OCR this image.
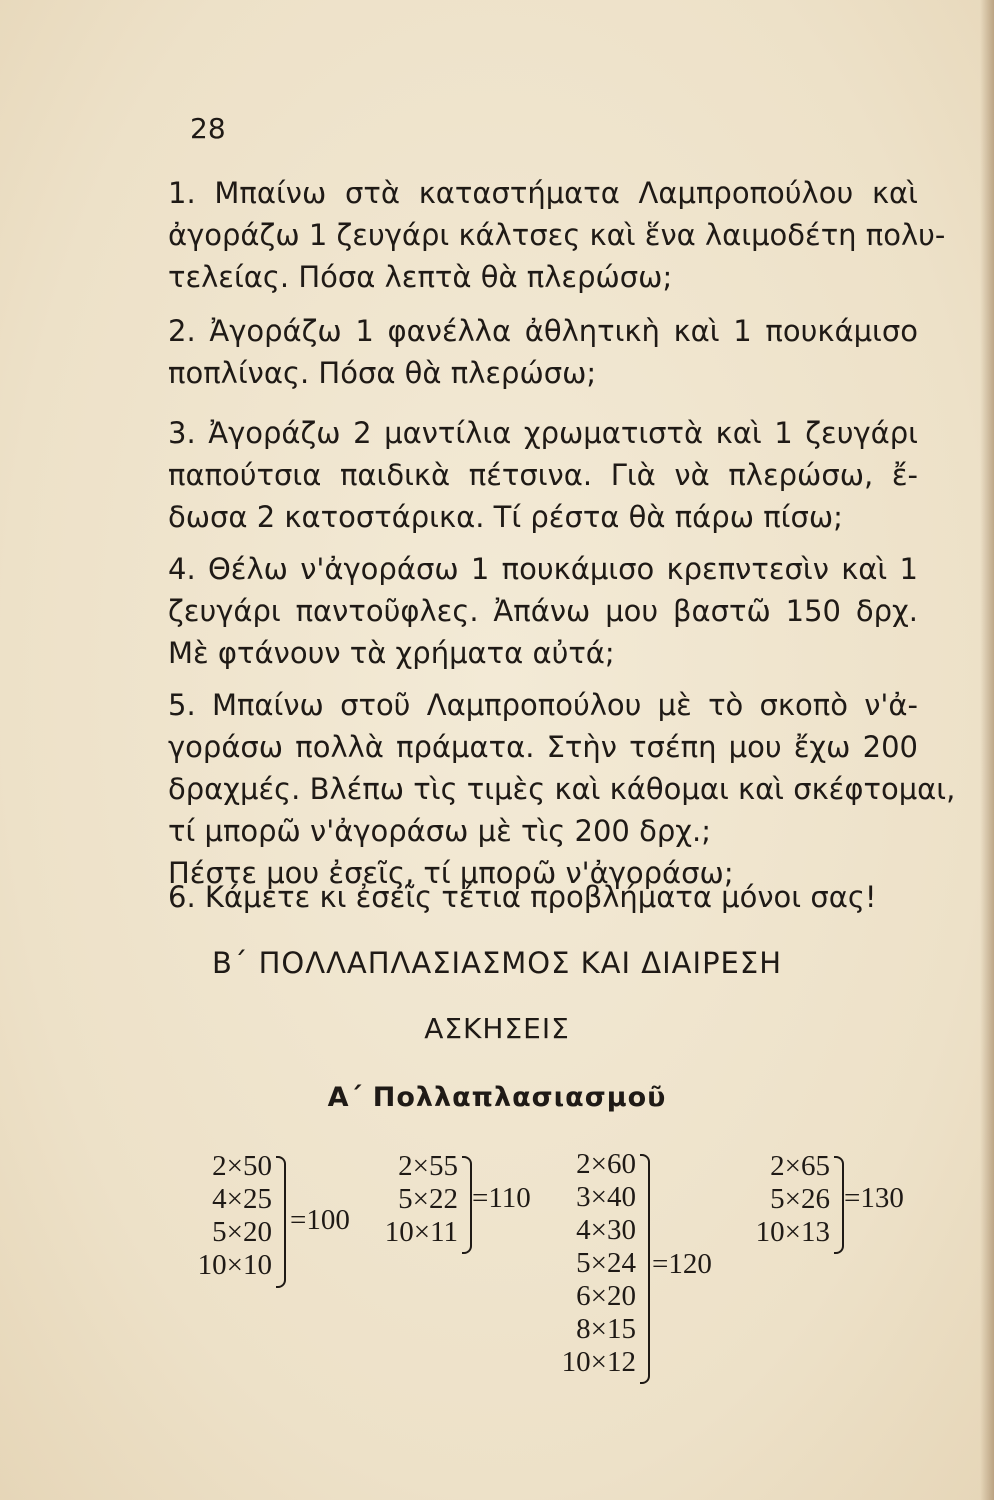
28
1. Μπαίνω στὰ καταστήματα Λαμπροπούλου καὶ
ἀγοράζω 1 ζευγάρι κάλτσες καὶ ἕνα λαιμοδέτη πολυ-
τελείας. Πόσα λεπτὰ θὰ πλερώσω;
2. Ἀγοράζω 1 φανέλλα ἀθλητικὴ καὶ 1 πουκάμισο
ποπλίνας. Πόσα θὰ πλερώσω;
3. Ἀγοράζω 2 μαντίλια χρωματιστὰ καὶ 1 ζευγάρι
παπούτσια παιδικὰ πέτσινα. Γιὰ νὰ πλερώσω, ἔ-
δωσα 2 κατοστάρικα. Τί ρέστα θὰ πάρω πίσω;
4. Θέλω ν'ἀγοράσω 1 πουκάμισο κρεπντεσὶν καὶ 1
ζευγάρι παντοῦφλες. Ἀπάνω μου βαστῶ 150 δρχ.
Μὲ φτάνουν τὰ χρήματα αὐτά;
5. Μπαίνω στοῦ Λαμπροπούλου μὲ τὸ σκοπὸ ν'ἀ-
γοράσω πολλὰ πράματα. Στὴν τσέπη μου ἔχω 200
δραχμές. Βλέπω τὶς τιμὲς καὶ κάθομαι καὶ σκέφτομαι,
τί μπορῶ ν'ἀγοράσω μὲ τὶς 200 δρχ.;
Πέστε μου ἐσεῖς, τί μπορῶ ν'ἀγοράσω;
6. Κάμετε κι ἐσεῖς τέτια προβλήματα μόνοι σας!
Β΄ ΠΟΛΛΑΠΛΑΣΙΑΣΜΟΣ ΚΑΙ ΔΙΑΙΡΕΣΗ
ΑΣΚΗΣΕΙΣ
Α΄ Πολλαπλασιασμοῦ
2×50
4×25
5×20
10×10
=100
2×55
5×22
10×11
=110
2×60
3×40
4×30
5×24
6×20
8×15
10×12
=120
2×65
5×26
10×13
=130
